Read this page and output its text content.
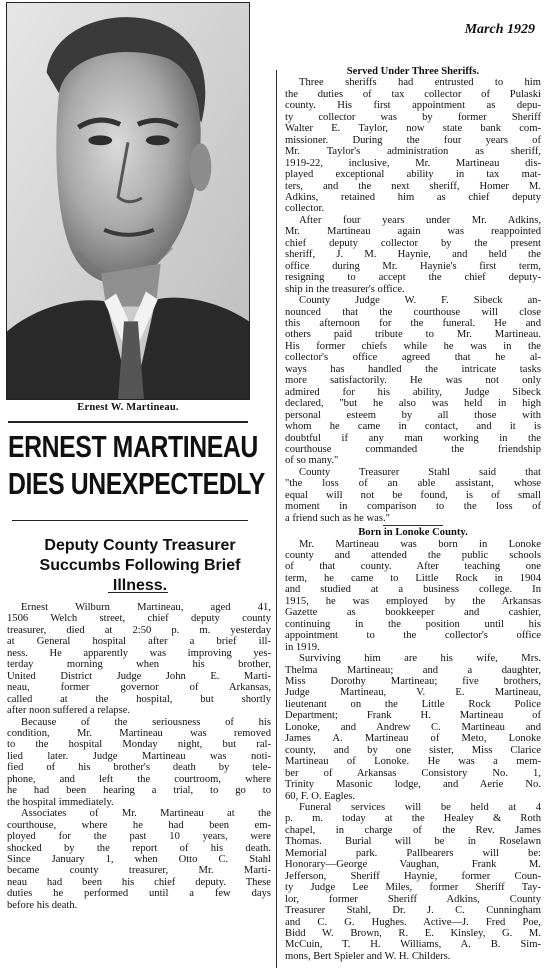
Ernest W. Martineau.
ERNEST MARTINEAU
DIES UNEXPECTEDLY
Deputy County Treasurer
Succumbs Following Brief
Illness.
Ernest Wilburn Martineau, aged 41,
1506 Welch street, chief deputy county
treasurer, died at 2:50 p. m. yesterday
at General hospital after a brief ill-
ness. He apparently was improving yes-
terday morning when his brother,
United District Judge John E. Marti-
neau, former governor of Arkansas,
called at the hospital, but shortly
after noon suffered a relapse.
Because of the seriousness of his
condition, Mr. Martineau was removed
to the hospital Monday night, but ral-
lied later. Judge Martineau was noti-
fied of his brother's death by tele-
phone, and left the courtroom, where
he had been hearing a trial, to go to
the hospital immediately.
Associates of Mr. Martineau at the
courthouse, where he had been em-
ployed for the past 10 years, were
shocked by the report of his death.
Since January 1, when Otto C. Stahl
became county treasurer, Mr. Marti-
neau had been his chief deputy. These
duties he performed until a few days
before his death.
March 1929
Served Under Three Sheriffs.
Three sheriffs had entrusted to him
the duties of tax collector of Pulaski
county. His first appointment as depu-
ty collector was by former Sheriff
Walter E. Taylor, now state bank com-
missioner. During the four years of
Mr. Taylor's administration as sheriff,
1919-22, inclusive, Mr. Martineau dis-
played exceptional ability in tax mat-
ters, and the next sheriff, Homer M.
Adkins, retained him as chief deputy
collector.
After four years under Mr. Adkins,
Mr. Martineau again was reappointed
chief deputy collector by the present
sheriff, J. M. Haynie, and held the
office during Mr. Haynie's first term,
resigning to accept the chief deputy-
ship in the treasurer's office.
County Judge W. F. Sibeck an-
nounced that the courthouse will close
this afternoon for the funeral. He and
others paid tribute to Mr. Martineau.
His former chiefs while he was in the
collector's office agreed that he al-
ways has handled the intricate tasks
more satisfactorily. He was not only
admired for his ability, Judge Sibeck
declared, "but he also was held in high
personal esteem by all those with
whom he came in contact, and it is
doubtful if any man working in the
courthouse commanded the friendship
of so many."
County Treasurer Stahl said that
"the loss of an able assistant, whose
equal will not be found, is of small
moment in comparison to the loss of
a friend such as he was."
Born in Lonoke County.
Mr. Martineau was born in Lonoke
county and attended the public schools
of that county. After teaching one
term, he came to Little Rock in 1904
and studied at a business college. In
1915, he was employed by the Arkansas
Gazette as bookkeeper and cashier,
continuing in the position until his
appointment to the collector's office
in 1919.
Surviving him are his wife, Mrs.
Thelma Martineau; and a daughter,
Miss Dorothy Martineau; five brothers,
Judge Martineau, V. E. Martineau,
lieutenant on the Little Rock Police
Department; Frank H. Martineau of
Lonoke, and Andrew C. Martineau and
James A. Martineau of Meto, Lonoke
county, and by one sister, Miss Clarice
Martineau of Lonoke. He was a mem-
ber of Arkansas Consistory No. 1,
Trinity Masonic lodge, and Aerie No.
60, F. O. Eagles.
Funeral services will be held at 4
p. m. today at the Healey & Roth
chapel, in charge of the Rev. James
Thomas. Burial will be in Roselawn
Memorial park. Pallbearers will be:
Honorary—George Vaughan, Frank M.
Jefferson, Sheriff Haynie, former Coun-
ty Judge Lee Miles, former Sheriff Tay-
lor, former Sheriff Adkins, County
Treasurer Stahl, Dr. J. C. Cunningham
and C. G. Hughes. Active—J. Fred Poe,
Bidd W. Brown, R. E. Kinsley, G. M.
McCuin, T. H. Williams, A. B. Sim-
mons, Bert Spieler and W. H. Childers.
